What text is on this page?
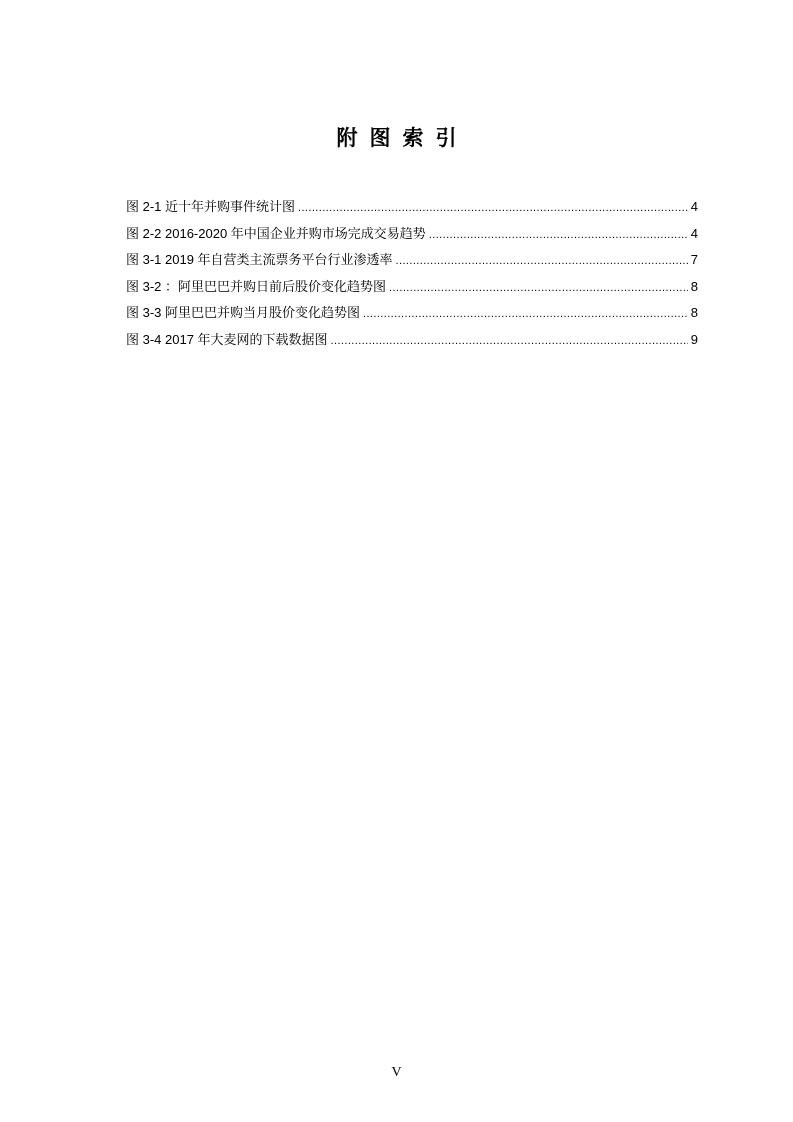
附图索引
图 2-1 近十年并购事件统计图 .....	4
图 2-2 2016-2020 年中国企业并购市场完成交易趋势 .....	4
图 3-1 2019 年自营类主流票务平台行业渗透率 .....	7
图 3-2 ：阿里巴巴并购日前后股价变化趋势图 .....	8
图 3-3 阿里巴巴并购当月股价变化趋势图 .....	8
图 3-4 2017 年大麦网的下载数据图 .....	9
V
